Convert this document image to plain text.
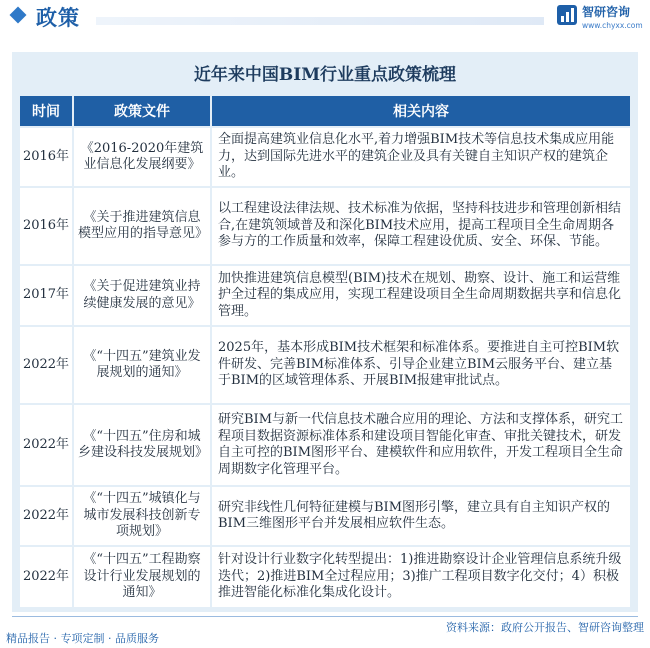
政策	智研咨询
www.chyxx.com
近年来中国BIM行业重点政策梳理
时间	政策文件	相关内容
2016年	《2016-2020年建筑业信息化发展纲要》	全面提高建筑业信息化水平,着力增强BIM技术等信息技术集成应用能力，达到国际先进水平的建筑企业及具有关键自主知识产权的建筑企业。
2016年	《关于推进建筑信息模型应用的指导意见》	以工程建设法律法规、技术标准为依据，坚持科技进步和管理创新相结合,在建筑领域普及和深化BIM技术应用，提高工程项目全生命周期各参与方的工作质量和效率，保障工程建设优质、安全、环保、节能。
2017年	《关于促进建筑业持续健康发展的意见》	加快推进建筑信息模型(BIM)技术在规划、勘察、设计、施工和运营维护全过程的集成应用，实现工程建设项目全生命周期数据共享和信息化管理。
2022年	《“十四五”建筑业发展规划的通知》	2025年，基本形成BIM技术框架和标准体系。要推进自主可控BIM软件研发、完善BIM标准体系、引导企业建立BIM云服务平台、建立基于BIM的区域管理体系、开展BIM报建审批试点。
2022年	《“十四五”住房和城乡建设科技发展规划》	研究BIM与新一代信息技术融合应用的理论、方法和支撑体系，研究工程项目数据资源标准体系和建设项目智能化审查、审批关键技术，研发自主可控的BIM图形平台、建模软件和应用软件，开发工程项目全生命周期数字化管理平台。
2022年	《“十四五”城镇化与城市发展科技创新专项规划》	研究非线性几何特征建模与BIM图形引擎，建立具有自主知识产权的BIM三维图形平台并发展相应软件生态。
2022年	《“十四五”工程勘察设计行业发展规划的通知》	针对设计行业数字化转型提出：1)推进勘察设计企业管理信息系统升级迭代；2)推进BIM全过程应用；3)推广工程项目数字化交付；4）积极推进智能化标准化集成化设计。
资料来源：政府公开报告、智研咨询整理
精品报告 · 专项定制 · 品质服务
